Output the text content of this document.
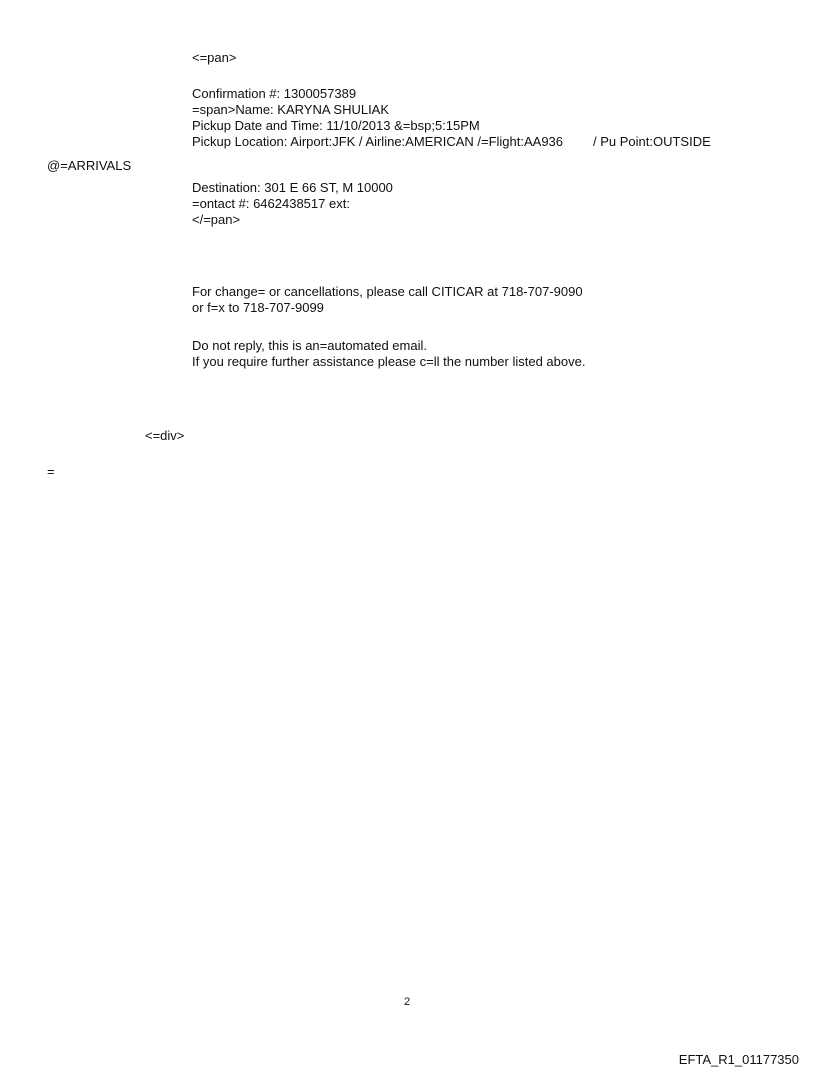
<=pan>
Confirmation #: 1300057389
=span>Name: KARYNA SHULIAK
Pickup Date and Time: 11/10/2013 &=bsp;5:15PM
Pickup Location: Airport:JFK / Airline:AMERICAN /=Flight:AA936 / Pu Point:OUTSIDE
@=ARRIVALS
Destination: 301 E 66 ST, M 10000
=ontact #: 6462438517 ext:
</=pan>
For change= or cancellations, please call CITICAR at 718-707-9090
or f=x to 718-707-9099
Do not reply, this is an=automated email.
If you require further assistance please c=ll the number listed above.
<=div>
=
2
EFTA_R1_01177350
